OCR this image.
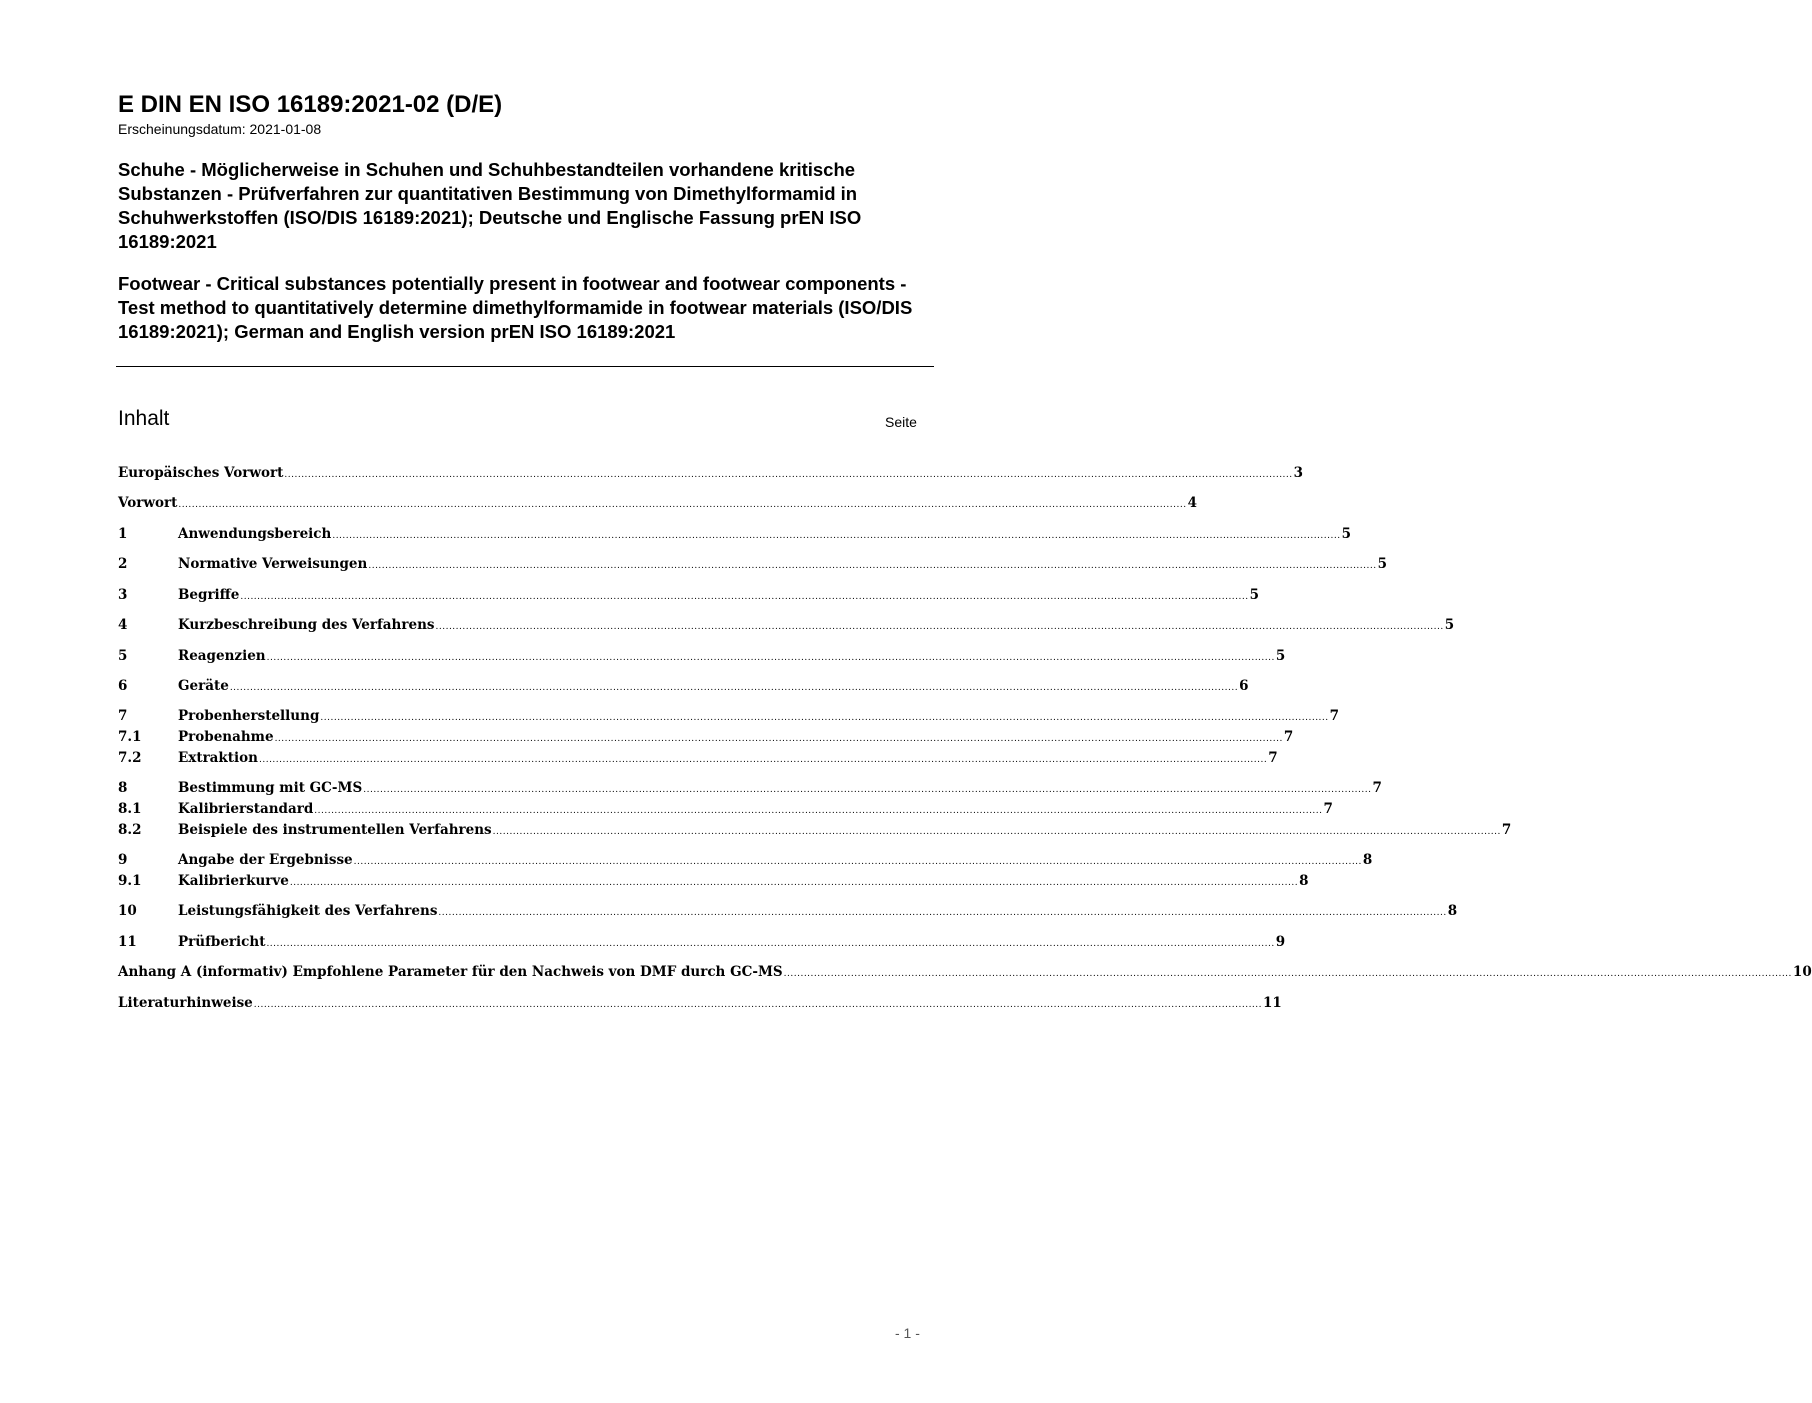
E DIN EN ISO 16189:2021-02 (D/E)
Erscheinungsdatum: 2021-01-08

Schuhe - Möglicherweise in Schuhen und Schuhbestandteilen vorhandene kritische Substanzen - Prüfverfahren zur quantitativen Bestimmung von Dimethylformamid in Schuhwerkstoffen (ISO/DIS 16189:2021); Deutsche und Englische Fassung prEN ISO 16189:2021

Footwear - Critical substances potentially present in footwear and footwear components - Test method to quantitatively determine dimethylformamide in footwear materials (ISO/DIS 16189:2021); German and English version prEN ISO 16189:2021

Inhalt	Seite
Europäisches Vorwort ............................................................................................................................................................................................................................................................................................................ 3
Vorwort ............................................................................................................................................................................................................................................................................................................ 4
1	Anwendungsbereich ............................................................................................................................................................................................................................................................................................................ 5
2	Normative Verweisungen ............................................................................................................................................................................................................................................................................................................ 5
3	Begriffe ............................................................................................................................................................................................................................................................................................................ 5
4	Kurzbeschreibung des Verfahrens ............................................................................................................................................................................................................................................................................................................ 5
5	Reagenzien ............................................................................................................................................................................................................................................................................................................ 5
6	Geräte ............................................................................................................................................................................................................................................................................................................ 6
7	Probenherstellung ............................................................................................................................................................................................................................................................................................................ 7
7.1	Probenahme ............................................................................................................................................................................................................................................................................................................ 7
7.2	Extraktion ............................................................................................................................................................................................................................................................................................................ 7
8	Bestimmung mit GC-MS ............................................................................................................................................................................................................................................................................................................ 7
8.1	Kalibrierstandard ............................................................................................................................................................................................................................................................................................................ 7
8.2	Beispiele des instrumentellen Verfahrens ............................................................................................................................................................................................................................................................................................................ 7
9	Angabe der Ergebnisse ............................................................................................................................................................................................................................................................................................................ 8
9.1	Kalibrierkurve ............................................................................................................................................................................................................................................................................................................ 8
10	Leistungsfähigkeit des Verfahrens ............................................................................................................................................................................................................................................................................................................ 8
11	Prüfbericht ............................................................................................................................................................................................................................................................................................................ 9
Anhang A (informativ) Empfohlene Parameter für den Nachweis von DMF durch GC-MS ............................................................................................................................................................................................................................................................................................................ 10
Literaturhinweise ............................................................................................................................................................................................................................................................................................................ 11
- 1 -
